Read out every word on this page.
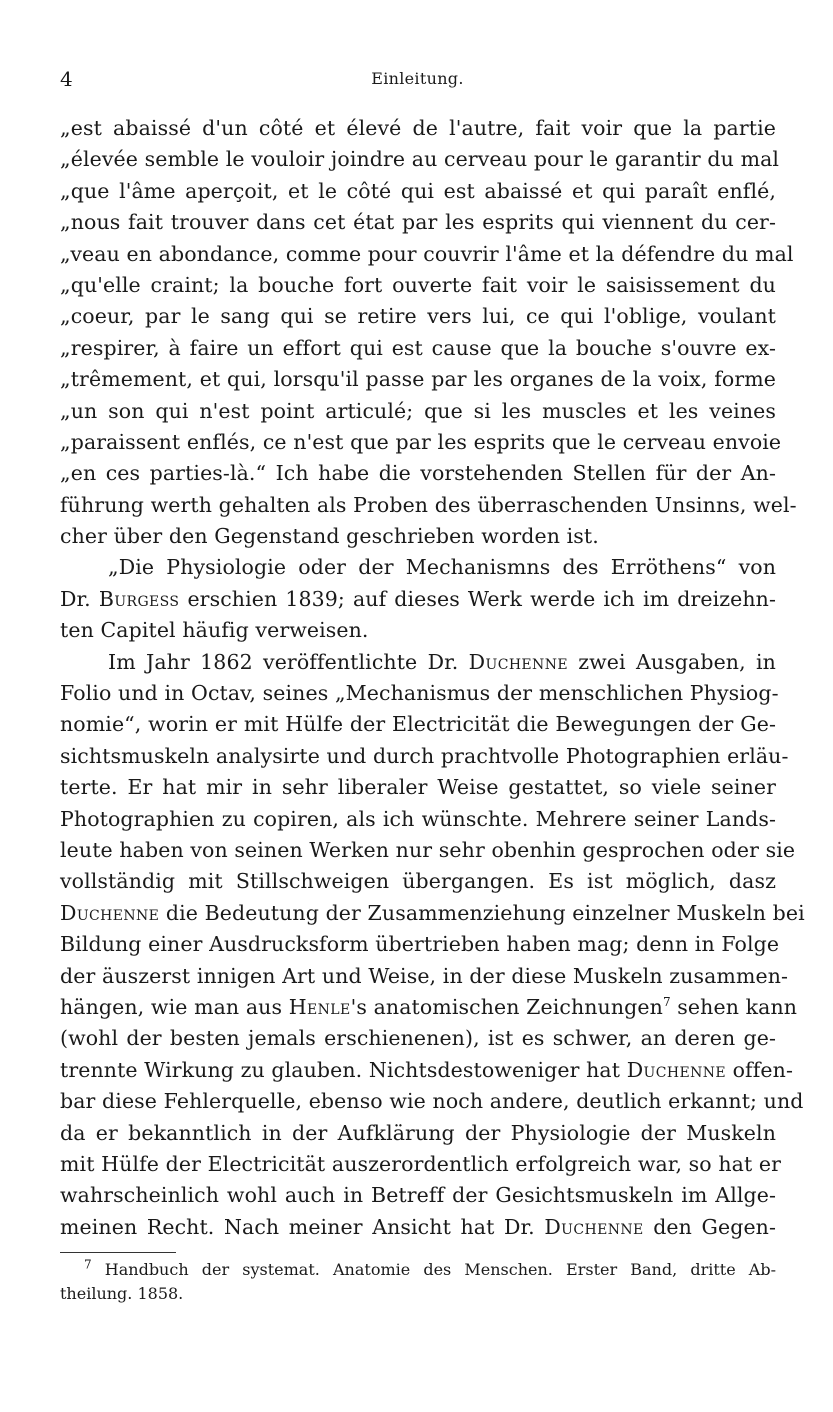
4	Einleitung.
„est abaissé d'un côté et élevé de l'autre, fait voir que la partie
„élevée semble le vouloir joindre au cerveau pour le garantir du mal
„que l'âme aperçoit, et le côté qui est abaissé et qui paraît enflé,
„nous fait trouver dans cet état par les esprits qui viennent du cer-
„veau en abondance, comme pour couvrir l'âme et la défendre du mal
„qu'elle craint; la bouche fort ouverte fait voir le saisissement du
„coeur, par le sang qui se retire vers lui, ce qui l'oblige, voulant
„respirer, à faire un effort qui est cause que la bouche s'ouvre ex-
„trêmement, et qui, lorsqu'il passe par les organes de la voix, forme
„un son qui n'est point articulé; que si les muscles et les veines
„paraissent enflés, ce n'est que par les esprits que le cerveau envoie
„en ces parties-là.“ Ich habe die vorstehenden Stellen für der An-
führung werth gehalten als Proben des überraschenden Unsinns, wel-
cher über den Gegenstand geschrieben worden ist.
„Die Physiologie oder der Mechanismns des Erröthens“ von
Dr. Burgess erschien 1839; auf dieses Werk werde ich im dreizehn-
ten Capitel häufig verweisen.
Im Jahr 1862 veröffentlichte Dr. Duchenne zwei Ausgaben, in
Folio und in Octav, seines „Mechanismus der menschlichen Physiog-
nomie“, worin er mit Hülfe der Electricität die Bewegungen der Ge-
sichtsmuskeln analysirte und durch prachtvolle Photographien erläu-
terte. Er hat mir in sehr liberaler Weise gestattet, so viele seiner
Photographien zu copiren, als ich wünschte. Mehrere seiner Lands-
leute haben von seinen Werken nur sehr obenhin gesprochen oder sie
vollständig mit Stillschweigen übergangen. Es ist möglich, dasz
Duchenne die Bedeutung der Zusammenziehung einzelner Muskeln bei
Bildung einer Ausdrucksform übertrieben haben mag; denn in Folge
der äuszerst innigen Art und Weise, in der diese Muskeln zusammen-
hängen, wie man aus Henle's anatomischen Zeichnungen$^7$ sehen kann
(wohl der besten jemals erschienenen), ist es schwer, an deren ge-
trennte Wirkung zu glauben. Nichtsdestoweniger hat Duchenne offen-
bar diese Fehlerquelle, ebenso wie noch andere, deutlich erkannt; und
da er bekanntlich in der Aufklärung der Physiologie der Muskeln
mit Hülfe der Electricität auszerordentlich erfolgreich war, so hat er
wahrscheinlich wohl auch in Betreff der Gesichtsmuskeln im Allge-
meinen Recht. Nach meiner Ansicht hat Dr. Duchenne den Gegen-
$^7$ Handbuch der systemat. Anatomie des Menschen. Erster Band, dritte Ab-
theilung. 1858.
